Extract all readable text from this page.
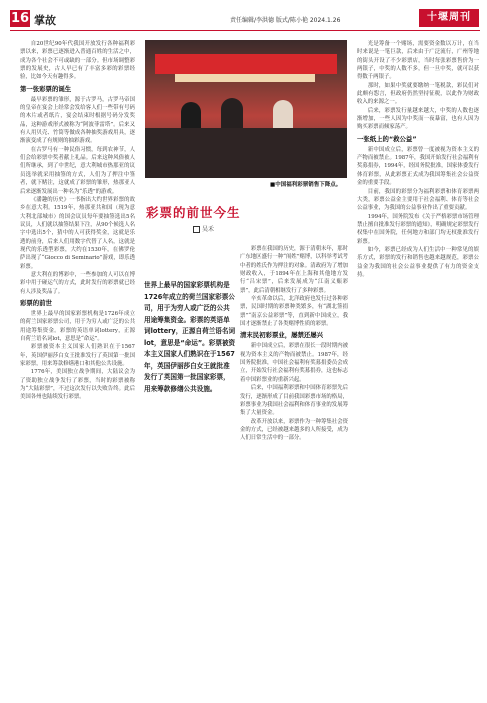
16 掌故	责任编辑/李洪德 版式/陈小艳 2024.1.26	十堰周刊

自20世纪90年代我国开放发行各种福利彩票以来，彩票已逐渐进入普通百姓的生活之中，成为各个社会不可或缺的一部分。但市场调整彩票的发展史，古人早已有了丰富多彩的彩票经验，比如今天有趣得多。

第一张彩票的诞生

最早彩票的雏形，源于古罗马，古罗马帝国的皇帝在宴会上经常会发给客人们一些带有号码的木片或者纸片，宴会结束时根据号码分发奖品，这种游戏形式被称为“阿波菲雷塔”。后来又有人用贝壳、竹筒等做成各种抽奖游戏用具，逐渐演变成了有规则的抽彩游戏。

在古罗马有一种民俗习惯，每到农神节，人们会给彩票中奖者献上礼品。后来这种风俗被人们所继承，到了中世纪，意大利城市热那亚的议员选举就采用抽签的方式，人们为了押注中签者，就下赌注，这就成了彩票的雏形，热那亚人后来逐渐发展出一种名为“乐透”的游戏。

《潘趣的历史》一书指出大约世界彩票的故乡在意大利。1519年，热那亚共和国（现为意大利北部城市）的国会议员每年要抽签选出5名议员，人们就以抽签结果下注，从90个候选人名字中选出5个，猜中的人可获得奖金，这就是乐透的前身，后来人们用数字代替了人名，这就是现代的乐透型彩票，大约在1530年，在佛罗伦萨出现了“Giocco di Seminario”游戏，即乐透彩票。

意大利在的博彩中，一些参加的人可以在博彩中用于碰运气的方式，此时发行的彩票就已经有人涉及奖品了。

彩票的前世

世界上最早的国家彩票机构是1726年成立的荷兰国家彩票公司，用于为穷人或广泛的公共用途筹集资金。彩票的英语单词lottery，正源自荷兰语名词lot，意思是“命运”。

彩票被资本主义国家人们熟识在于1567年，英国伊丽莎白女王批准发行了英国第一批国家彩票，用来筹款修缮港口和其他公共设施。

1776年，美国独立战争期间，大陆议会为了资助独立战争发行了彩票，当时的彩票被称为“大陆彩票”，不过这次发行以失败告终。此后美国各州也陆续发行彩票。

■中国福利彩票销售下降点。
彩票的前世今生
吴禾
世界上最早的国家彩票机构是1726年成立的荷兰国家彩票公司，用于为穷人或广泛的公共用途筹集资金。彩票的英语单词lottery，正源自荷兰语名词lot，意思是“命运”。彩票被资本主义国家人们熟识在于1567年，英国伊丽莎白女王就批准发行了英国第一批国家彩票，用来筹款修缮公共设施。

彩票在我国的历史，源于清朝末年，那时广东地区盛行一种“闱姓”赌博，以科举考试考中者的姓氏作为押注的对象。清政府为了增加财政收入，于1894年在上海和其他地方发行“吕宋票”，后来发展成为“江南义赈彩票”，此后清朝相继发行了多种彩票。

辛亥革命以后，北洋政府也发行过各种彩票，民国时期的彩票种类繁多，有“湖北签捐票”“南京公益彩票”等，直到新中国成立，我国才逐渐禁止了各类赌博性质的彩票。

清末民初彩票业，屡禁还屡兴

新中国成立后，彩票在很长一段时期内被视为资本主义的产物而被禁止。1987年，经国务院批准，中国社会福利有奖募捐委员会成立，开始发行社会福利有奖募捐券，这也标志着中国彩票业的重新兴起。

后来，中国福利彩票和中国体育彩票先后发行，逐渐形成了目前我国彩票市场的格局，彩票事业为我国社会福利和体育事业的发展筹集了大量资金。

改革开放以来，彩票作为一种筹集社会资金的方式，已经被越来越多的人所接受，成为人们日常生活中的一部分。

光是筹备一个赌场，需要资金数以万计，在当时来说是一笔巨款，后来由于广泛流行，广州等地的街头开设了不少彩票店，当时每张彩票售价为一两银子，中奖的人数不多，但一旦中奖，就可以获得数千两银子。

那时，如果中奖就要缴纳一笔税款，彩民们对此颇有怨言，但政府仍然坚持征税，以此作为财政收入的来源之一。

后来，彩票发行量越来越大，中奖的人数也逐渐增加，一些人因为中奖而一夜暴富，也有人因为购买彩票而倾家荡产。

一张纸上的“救公益”

新中国成立后，彩票曾一度被视为资本主义的产物而被禁止。1987年，我国开始发行社会福利有奖募捐券，1994年，经国务院批准，国家体委发行体育彩票，从此彩票正式成为我国筹集社会公益资金的重要手段。

目前，我国的彩票分为福利彩票和体育彩票两大类，彩票公益金主要用于社会福利、体育等社会公益事业，为我国的公益事业作出了重要贡献。

1994年，国务院发布《关于严格彩票市场管理禁止擅自批准发行彩票的通知》，明确规定彩票发行权集中在国务院，任何地方和部门均无权批准发行彩票。

如今，彩票已经成为人们生活中一种常见的娱乐方式，彩票的发行和销售也越来越规范，彩票公益金为我国的社会公益事业提供了有力的资金支持。
